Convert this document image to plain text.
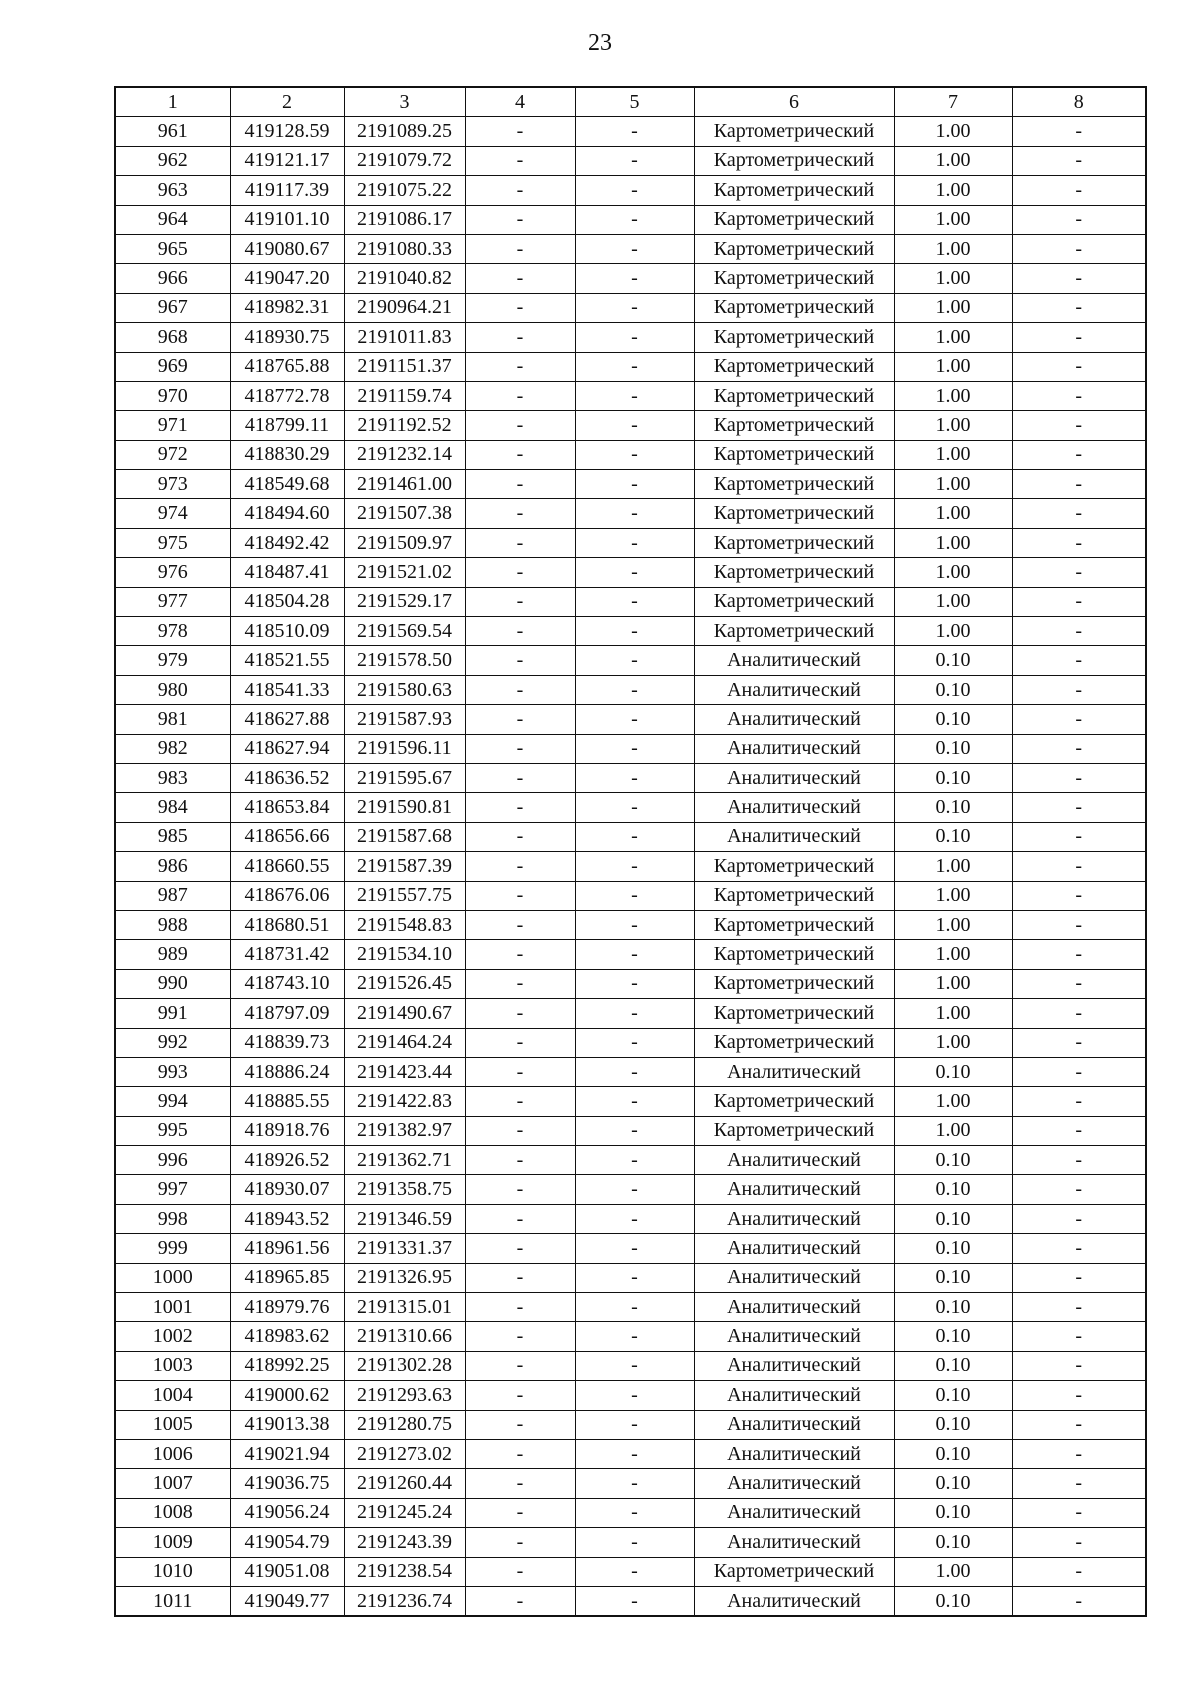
23
1	2	3	4	5	6	7	8
961	419128.59	2191089.25	-	-	Картометрический	1.00	-
962	419121.17	2191079.72	-	-	Картометрический	1.00	-
963	419117.39	2191075.22	-	-	Картометрический	1.00	-
964	419101.10	2191086.17	-	-	Картометрический	1.00	-
965	419080.67	2191080.33	-	-	Картометрический	1.00	-
966	419047.20	2191040.82	-	-	Картометрический	1.00	-
967	418982.31	2190964.21	-	-	Картометрический	1.00	-
968	418930.75	2191011.83	-	-	Картометрический	1.00	-
969	418765.88	2191151.37	-	-	Картометрический	1.00	-
970	418772.78	2191159.74	-	-	Картометрический	1.00	-
971	418799.11	2191192.52	-	-	Картометрический	1.00	-
972	418830.29	2191232.14	-	-	Картометрический	1.00	-
973	418549.68	2191461.00	-	-	Картометрический	1.00	-
974	418494.60	2191507.38	-	-	Картометрический	1.00	-
975	418492.42	2191509.97	-	-	Картометрический	1.00	-
976	418487.41	2191521.02	-	-	Картометрический	1.00	-
977	418504.28	2191529.17	-	-	Картометрический	1.00	-
978	418510.09	2191569.54	-	-	Картометрический	1.00	-
979	418521.55	2191578.50	-	-	Аналитический	0.10	-
980	418541.33	2191580.63	-	-	Аналитический	0.10	-
981	418627.88	2191587.93	-	-	Аналитический	0.10	-
982	418627.94	2191596.11	-	-	Аналитический	0.10	-
983	418636.52	2191595.67	-	-	Аналитический	0.10	-
984	418653.84	2191590.81	-	-	Аналитический	0.10	-
985	418656.66	2191587.68	-	-	Аналитический	0.10	-
986	418660.55	2191587.39	-	-	Картометрический	1.00	-
987	418676.06	2191557.75	-	-	Картометрический	1.00	-
988	418680.51	2191548.83	-	-	Картометрический	1.00	-
989	418731.42	2191534.10	-	-	Картометрический	1.00	-
990	418743.10	2191526.45	-	-	Картометрический	1.00	-
991	418797.09	2191490.67	-	-	Картометрический	1.00	-
992	418839.73	2191464.24	-	-	Картометрический	1.00	-
993	418886.24	2191423.44	-	-	Аналитический	0.10	-
994	418885.55	2191422.83	-	-	Картометрический	1.00	-
995	418918.76	2191382.97	-	-	Картометрический	1.00	-
996	418926.52	2191362.71	-	-	Аналитический	0.10	-
997	418930.07	2191358.75	-	-	Аналитический	0.10	-
998	418943.52	2191346.59	-	-	Аналитический	0.10	-
999	418961.56	2191331.37	-	-	Аналитический	0.10	-
1000	418965.85	2191326.95	-	-	Аналитический	0.10	-
1001	418979.76	2191315.01	-	-	Аналитический	0.10	-
1002	418983.62	2191310.66	-	-	Аналитический	0.10	-
1003	418992.25	2191302.28	-	-	Аналитический	0.10	-
1004	419000.62	2191293.63	-	-	Аналитический	0.10	-
1005	419013.38	2191280.75	-	-	Аналитический	0.10	-
1006	419021.94	2191273.02	-	-	Аналитический	0.10	-
1007	419036.75	2191260.44	-	-	Аналитический	0.10	-
1008	419056.24	2191245.24	-	-	Аналитический	0.10	-
1009	419054.79	2191243.39	-	-	Аналитический	0.10	-
1010	419051.08	2191238.54	-	-	Картометрический	1.00	-
1011	419049.77	2191236.74	-	-	Аналитический	0.10	-
